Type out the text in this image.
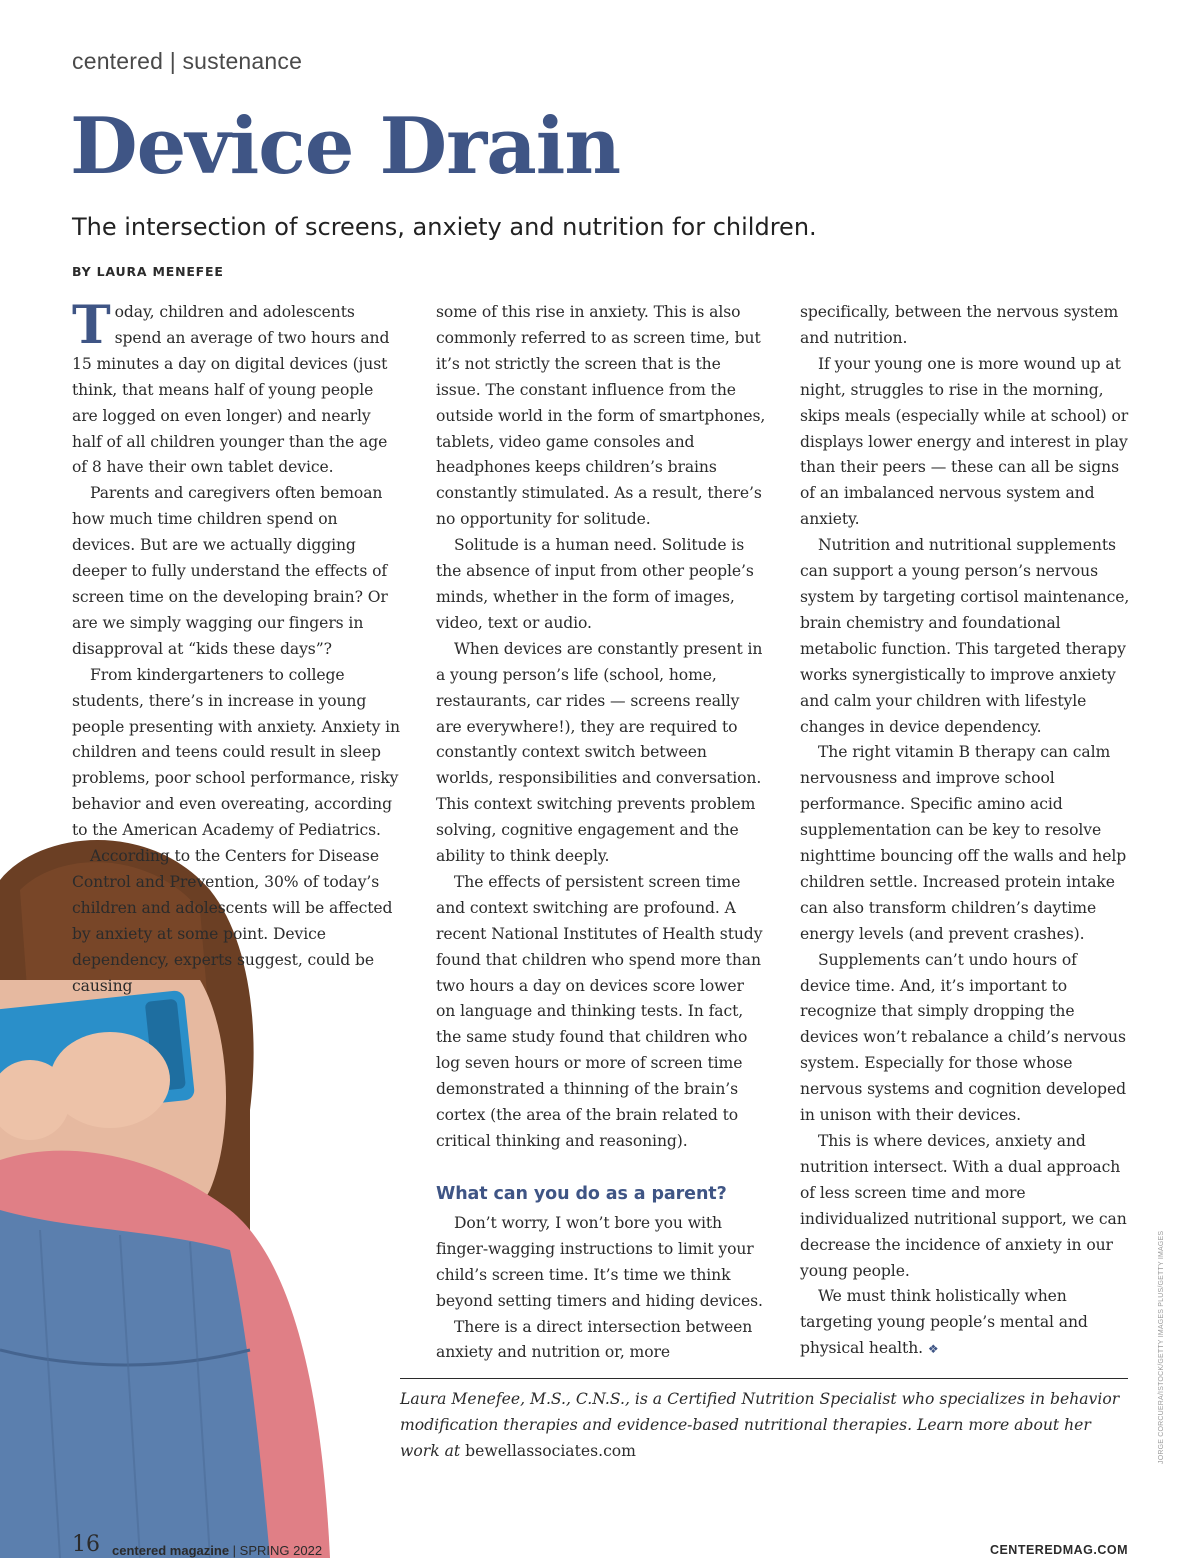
centered | sustenance
Device Drain
The intersection of screens, anxiety and nutrition for children.
BY LAURA MENEFEE

T oday, children and adolescents spend an average of two hours and 15 minutes a day on digital devices (just think, that means half of young people are logged on even longer) and nearly half of all children younger than the age of 8 have their own tablet device.

Parents and caregivers often bemoan how much time children spend on devices. But are we actually digging deeper to fully understand the effects of screen time on the developing brain? Or are we simply wagging our fingers in disapproval at “kids these days”?

From kindergarteners to college students, there’s in increase in young people presenting with anxiety. Anxiety in children and teens could result in sleep problems, poor school performance, risky behavior and even overeating, according to the American Academy of Pediatrics.

According to the Centers for Disease Control and Prevention, 30% of today’s children and adolescents will be affected by anxiety at some point. Device dependency, experts suggest, could be causing

some of this rise in anxiety. This is also commonly referred to as screen time, but it’s not strictly the screen that is the issue. The constant influence from the outside world in the form of smartphones, tablets, video game consoles and headphones keeps children’s brains constantly stimulated. As a result, there’s no opportunity for solitude.

Solitude is a human need. Solitude is the absence of input from other people’s minds, whether in the form of images, video, text or audio.

When devices are constantly present in a young person’s life (school, home, restaurants, car rides — screens really are everywhere!), they are required to constantly context switch between worlds, responsibilities and conversation. This context switching prevents problem solving, cognitive engagement and the ability to think deeply.

The effects of persistent screen time and context switching are profound. A recent National Institutes of Health study found that children who spend more than two hours a day on devices score lower on language and thinking tests. In fact, the same study found that children who log seven hours or more of screen time demonstrated a thinning of the brain’s cortex (the area of the brain related to critical thinking and reasoning).

What can you do as a parent?

Don’t worry, I won’t bore you with finger-wagging instructions to limit your child’s screen time. It’s time we think beyond setting timers and hiding devices.

There is a direct intersection between anxiety and nutrition or, more

specifically, between the nervous system and nutrition.

If your young one is more wound up at night, struggles to rise in the morning, skips meals (especially while at school) or displays lower energy and interest in play than their peers — these can all be signs of an imbalanced nervous system and anxiety.

Nutrition and nutritional supplements can support a young person’s nervous system by targeting cortisol maintenance, brain chemistry and foundational metabolic function. This targeted therapy works synergistically to improve anxiety and calm your children with lifestyle changes in device dependency.

The right vitamin B therapy can calm nervousness and improve school performance. Specific amino acid supplementation can be key to resolve nighttime bouncing off the walls and help children settle. Increased protein intake can also transform children’s daytime energy levels (and prevent crashes).

Supplements can’t undo hours of device time. And, it’s important to recognize that simply dropping the devices won’t rebalance a child’s nervous system. Especially for those whose nervous systems and cognition developed in unison with their devices.

This is where devices, anxiety and nutrition intersect. With a dual approach of less screen time and more individualized nutritional support, we can decrease the incidence of anxiety in our young people.

We must think holistically when targeting young people’s mental and physical health. ❖

Laura Menefee, M.S., C.N.S., is a Certified Nutrition Specialist who specializes in behavior modification therapies and evidence-based nutritional therapies. Learn more about her work at bewellassociates.com	JORGE CORCUERA/ISTOCK/GETTY IMAGES PLUS/GETTY IMAGES
16 centered magazine | SPRING 2022	CENTEREDMAG.COM
